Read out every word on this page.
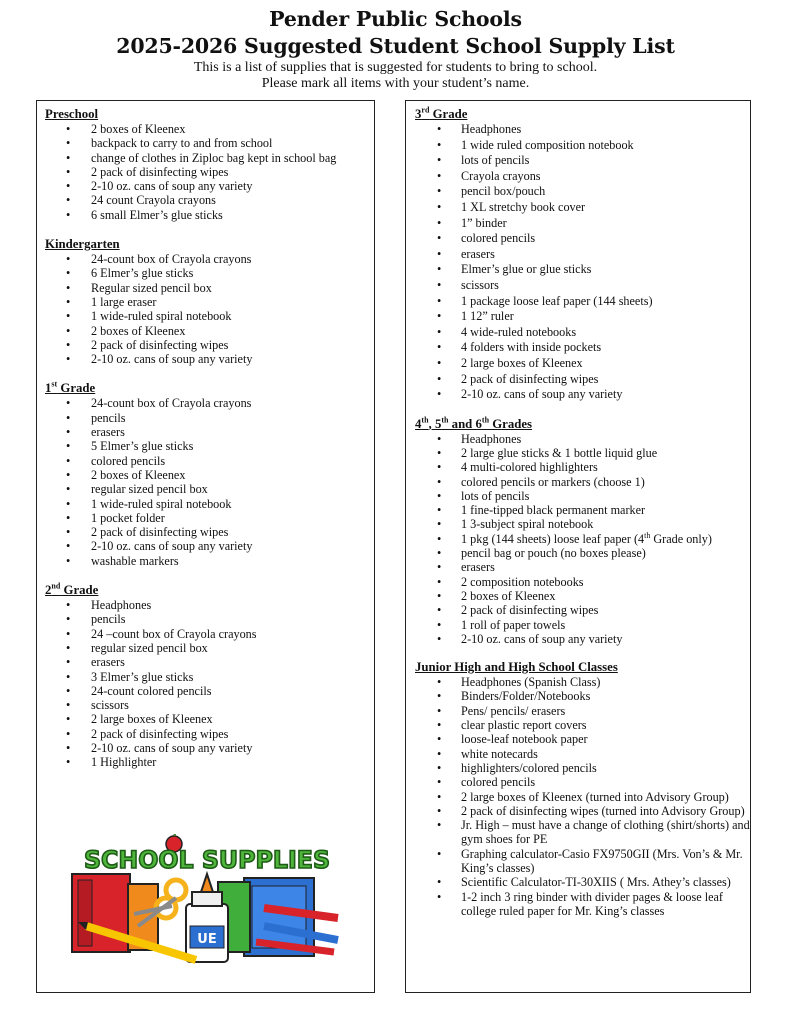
Pender Public Schools
2025-2026 Suggested Student School Supply List
This is a list of supplies that is suggested for students to bring to school.
Please mark all items with your student’s name.
Preschool
• 2 boxes of Kleenex
• backpack to carry to and from school
• change of clothes in Ziploc bag kept in school bag
• 2 pack of disinfecting wipes
• 2-10 oz. cans of soup any variety
• 24 count Crayola crayons
• 6 small Elmer’s glue sticks
Kindergarten
• 24-count box of Crayola crayons
• 6 Elmer’s glue sticks
• Regular sized pencil box
• 1 large eraser
• 1 wide-ruled spiral notebook
• 2 boxes of Kleenex
• 2 pack of disinfecting wipes
• 2-10 oz. cans of soup any variety
1st Grade
• 24-count box of Crayola crayons
• pencils
• erasers
• 5 Elmer’s glue sticks
• colored pencils
• 2 boxes of Kleenex
• regular sized pencil box
• 1 wide-ruled spiral notebook
• 1 pocket folder
• 2 pack of disinfecting wipes
• 2-10 oz. cans of soup any variety
• washable markers
2nd Grade
• Headphones
• pencils
• 24 –count box of Crayola crayons
• regular sized pencil box
• erasers
• 3 Elmer’s glue sticks
• 24-count colored pencils
• scissors
• 2 large boxes of Kleenex
• 2 pack of disinfecting wipes
• 2-10 oz. cans of soup any variety
• 1 Highlighter
UE
SCHOOL SUPPLIES
3rd Grade
• Headphones
• 1 wide ruled composition notebook
• lots of pencils
• Crayola crayons
• pencil box/pouch
• 1 XL stretchy book cover
• 1” binder
• colored pencils
• erasers
• Elmer’s glue or glue sticks
• scissors
• 1 package loose leaf paper (144 sheets)
• 1 12” ruler
• 4 wide-ruled notebooks
• 4 folders with inside pockets
• 2 large boxes of Kleenex
• 2 pack of disinfecting wipes
• 2-10 oz. cans of soup any variety
4th, 5th and 6th Grades
• Headphones
• 2 large glue sticks & 1 bottle liquid glue
• 4 multi-colored highlighters
• colored pencils or markers (choose 1)
• lots of pencils
• 1 fine-tipped black permanent marker
• 1 3-subject spiral notebook
• 1 pkg (144 sheets) loose leaf paper (4th Grade only)
• pencil bag or pouch (no boxes please)
• erasers
• 2 composition notebooks
• 2 boxes of Kleenex
• 2 pack of disinfecting wipes
• 1 roll of paper towels
• 2-10 oz. cans of soup any variety
Junior High and High School Classes
• Headphones (Spanish Class)
• Binders/Folder/Notebooks
• Pens/ pencils/ erasers
• clear plastic report covers
• loose-leaf notebook paper
• white notecards
• highlighters/colored pencils
• colored pencils
• 2 large boxes of Kleenex (turned into Advisory Group)
• 2 pack of disinfecting wipes (turned into Advisory Group)
• Jr. High – must have a change of clothing (shirt/shorts) and gym shoes for PE
• Graphing calculator-Casio FX9750GII (Mrs. Von’s & Mr. King’s classes)
• Scientific Calculator-TI-30XIIS ( Mrs. Athey’s classes)
• 1-2 inch 3 ring binder with divider pages & loose leaf college ruled paper for Mr. King’s classes
